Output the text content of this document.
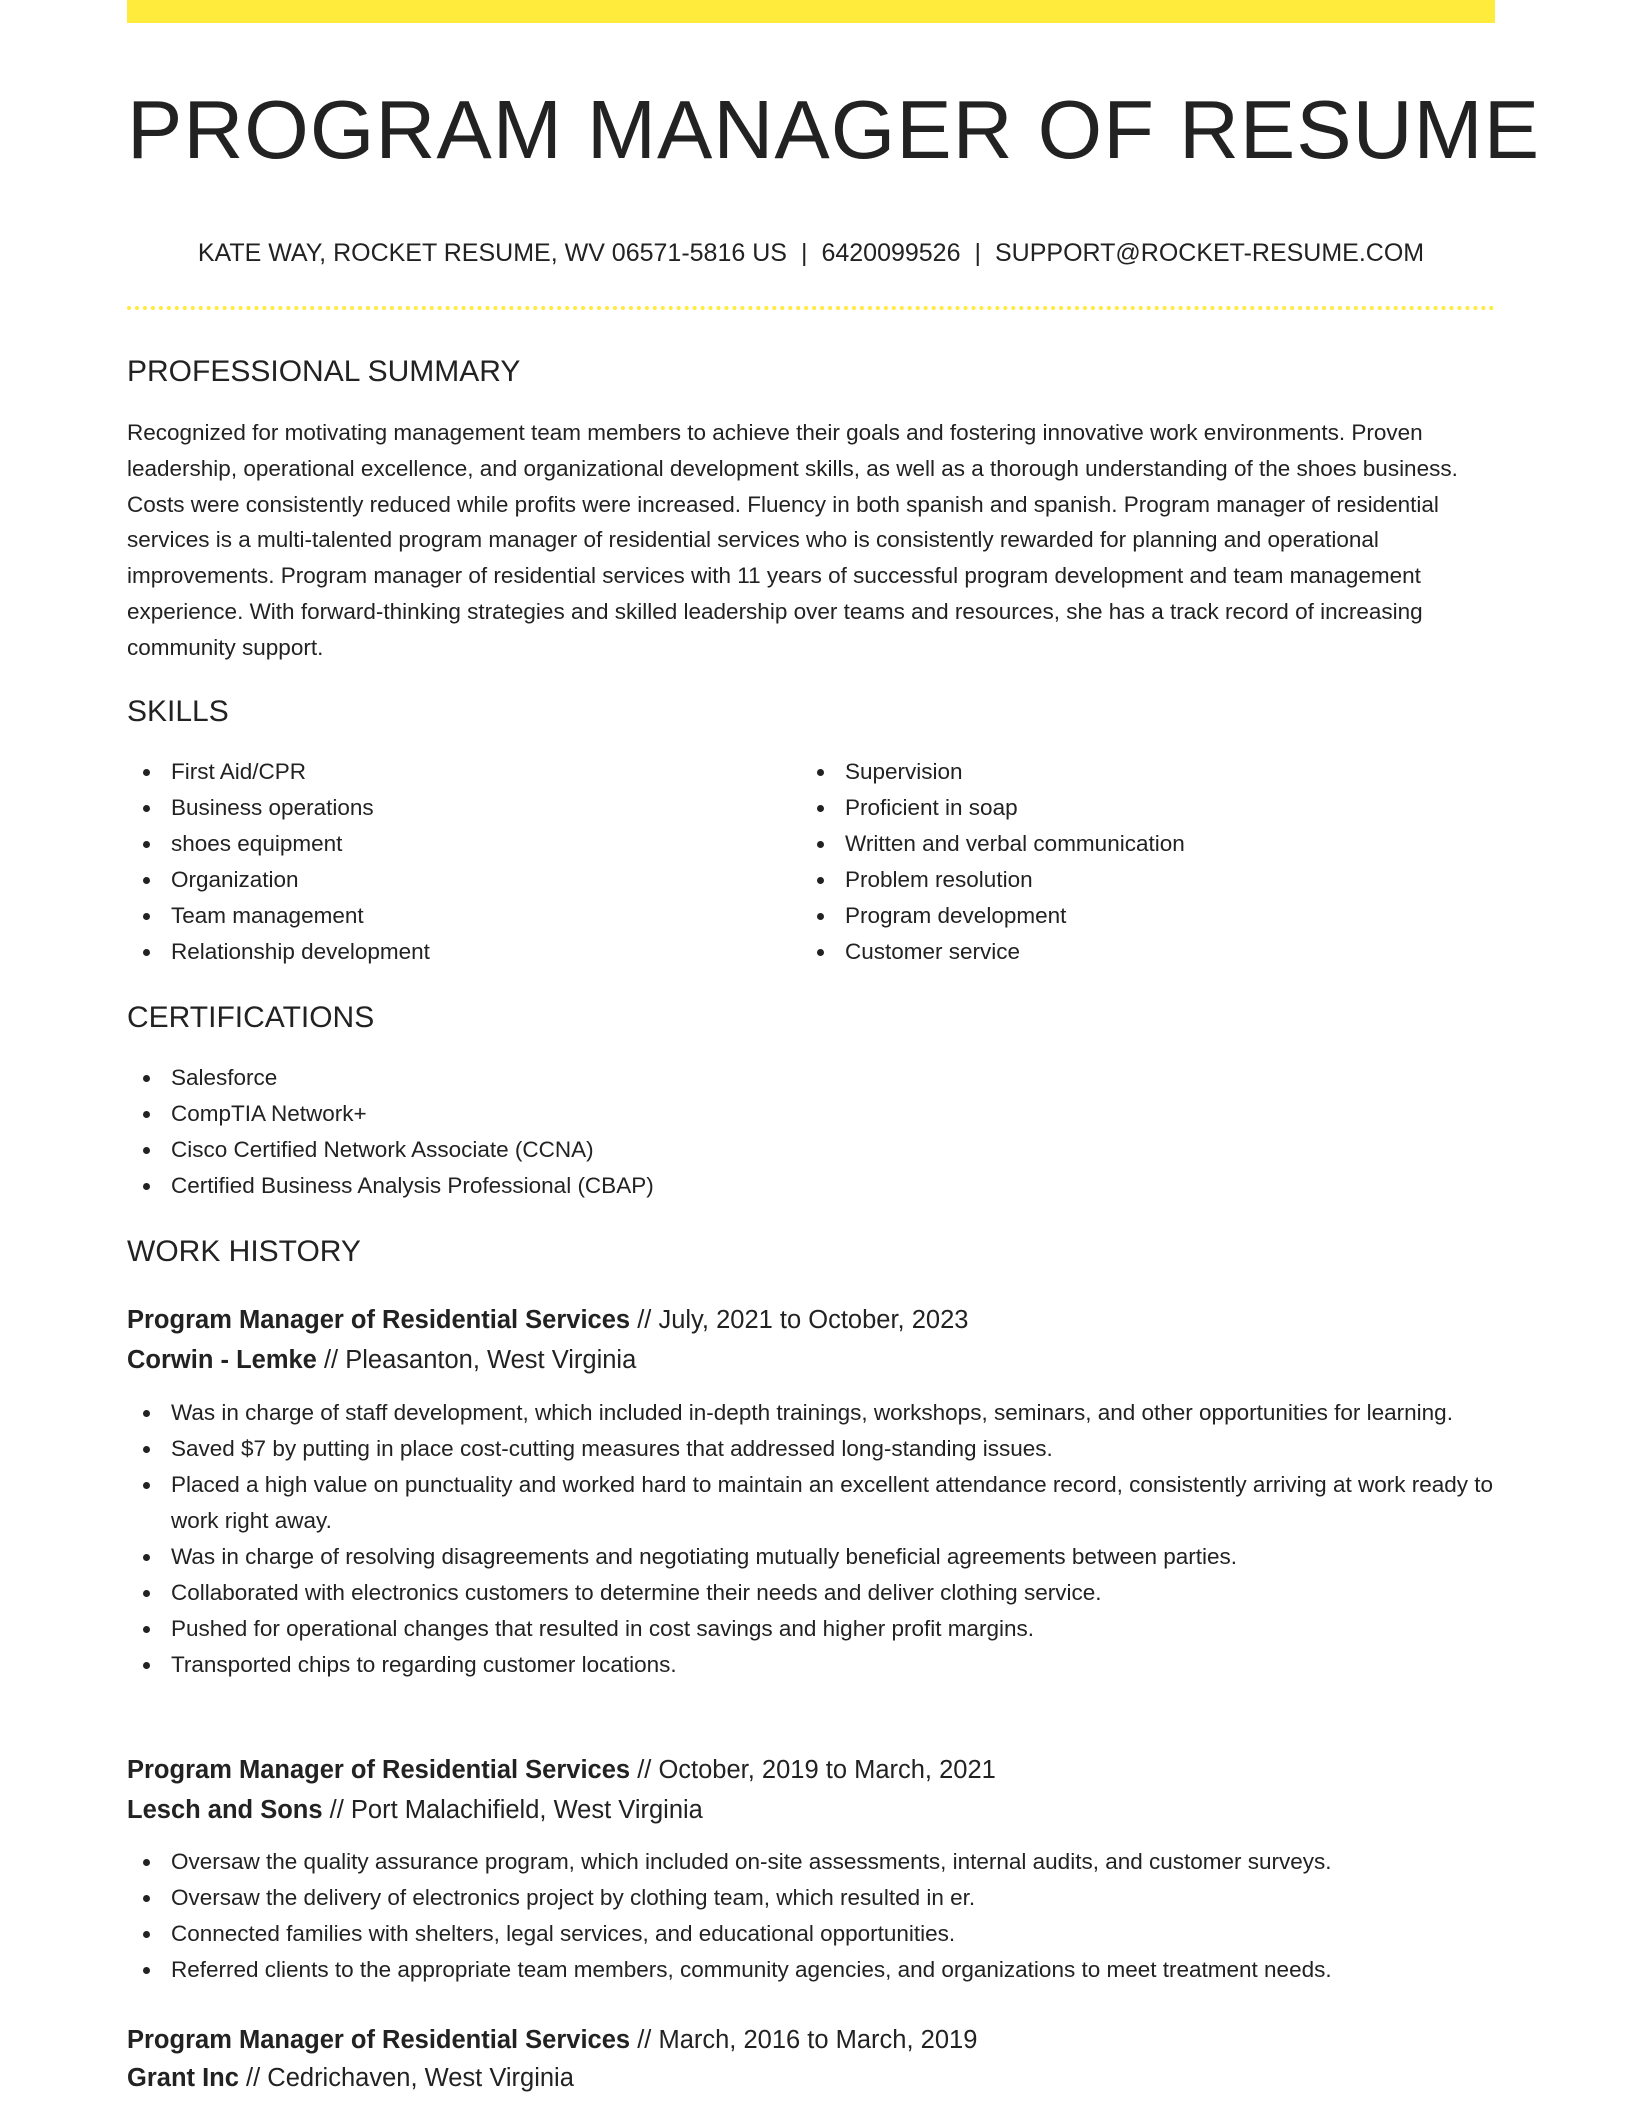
PROGRAM MANAGER OF RESUME
KATE WAY, ROCKET RESUME, WV 06571-5816 US | 6420099526 | SUPPORT@ROCKET-RESUME.COM
PROFESSIONAL SUMMARY

Recognized for motivating management team members to achieve their goals and fostering innovative work environments. Proven leadership, operational excellence, and organizational development skills, as well as a thorough understanding of the shoes business. Costs were consistently reduced while profits were increased. Fluency in both spanish and spanish. Program manager of residential services is a multi-talented program manager of residential services who is consistently rewarded for planning and operational improvements. Program manager of residential services with 11 years of successful program development and team management experience. With forward-thinking strategies and skilled leadership over teams and resources, she has a track record of increasing community support.

SKILLS
First Aid/CPR
Business operations
shoes equipment
Organization
Team management
Relationship development
Supervision
Proficient in soap
Written and verbal communication
Problem resolution
Program development
Customer service
CERTIFICATIONS
Salesforce
CompTIA Network+
Cisco Certified Network Associate (CCNA)
Certified Business Analysis Professional (CBAP)
WORK HISTORY
Program Manager of Residential Services // July, 2021 to October, 2023
Corwin - Lemke // Pleasanton, West Virginia
Was in charge of staff development, which included in-depth trainings, workshops, seminars, and other opportunities for learning.
Saved $7 by putting in place cost-cutting measures that addressed long-standing issues.
Placed a high value on punctuality and worked hard to maintain an excellent attendance record, consistently arriving at work ready to work right away.
Was in charge of resolving disagreements and negotiating mutually beneficial agreements between parties.
Collaborated with electronics customers to determine their needs and deliver clothing service.
Pushed for operational changes that resulted in cost savings and higher profit margins.
Transported chips to regarding customer locations.
Program Manager of Residential Services // October, 2019 to March, 2021
Lesch and Sons // Port Malachifield, West Virginia
Oversaw the quality assurance program, which included on-site assessments, internal audits, and customer surveys.
Oversaw the delivery of electronics project by clothing team, which resulted in er.
Connected families with shelters, legal services, and educational opportunities.
Referred clients to the appropriate team members, community agencies, and organizations to meet treatment needs.
Program Manager of Residential Services // March, 2016 to March, 2019
Grant Inc // Cedrichaven, West Virginia
